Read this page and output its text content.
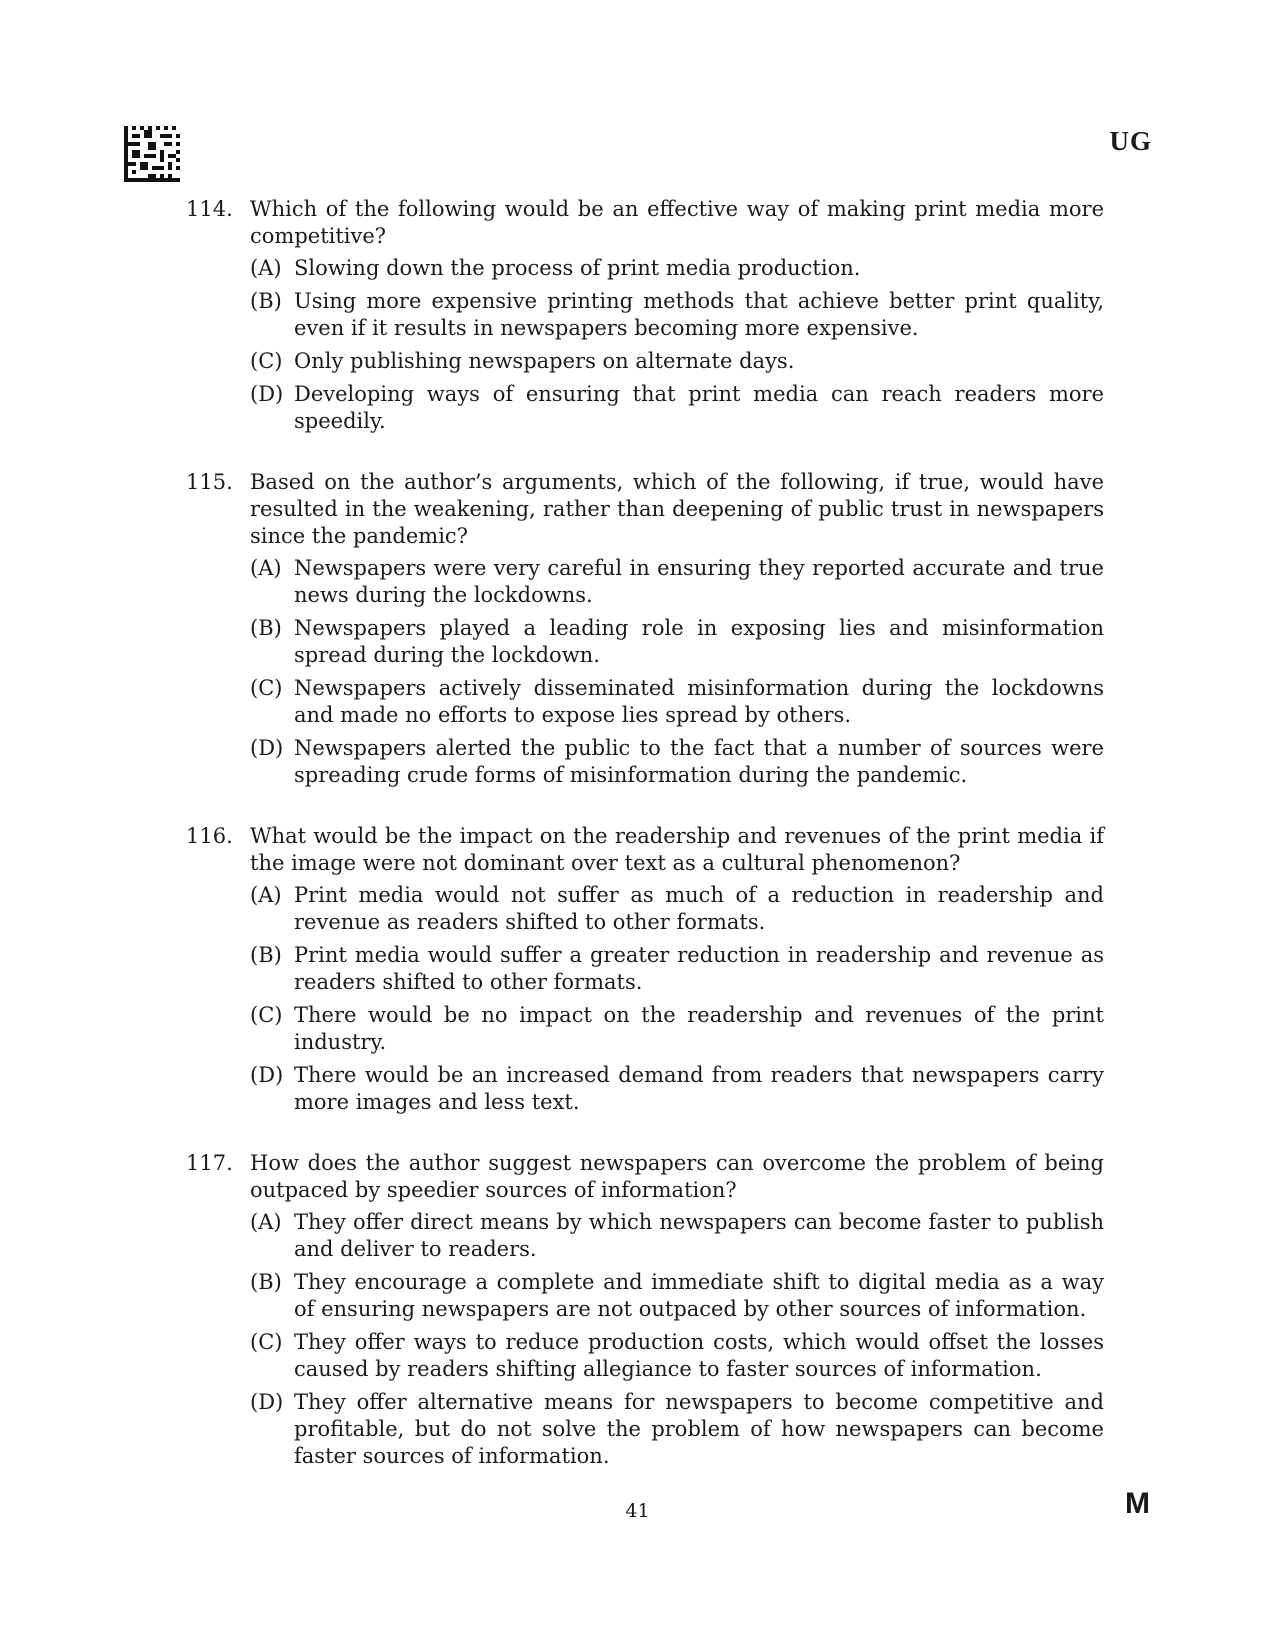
UG
114. Which of the following would be an effective way of making print media more competitive?
(A) Slowing down the process of print media production.
(B) Using more expensive printing methods that achieve better print quality, even if it results in newspapers becoming more expensive.
(C) Only publishing newspapers on alternate days.
(D) Developing ways of ensuring that print media can reach readers more speedily.
115. Based on the author’s arguments, which of the following, if true, would have resulted in the weakening, rather than deepening of public trust in newspapers since the pandemic?
(A) Newspapers were very careful in ensuring they reported accurate and true news during the lockdowns.
(B) Newspapers played a leading role in exposing lies and misinformation spread during the lockdown.
(C) Newspapers actively disseminated misinformation during the lockdowns and made no efforts to expose lies spread by others.
(D) Newspapers alerted the public to the fact that a number of sources were spreading crude forms of misinformation during the pandemic.
116. What would be the impact on the readership and revenues of the print media if the image were not dominant over text as a cultural phenomenon?
(A) Print media would not suffer as much of a reduction in readership and revenue as readers shifted to other formats.
(B) Print media would suffer a greater reduction in readership and revenue as readers shifted to other formats.
(C) There would be no impact on the readership and revenues of the print industry.
(D) There would be an increased demand from readers that newspapers carry more images and less text.
117. How does the author suggest newspapers can overcome the problem of being outpaced by speedier sources of information?
(A) They offer direct means by which newspapers can become faster to publish and deliver to readers.
(B) They encourage a complete and immediate shift to digital media as a way of ensuring newspapers are not outpaced by other sources of information.
(C) They offer ways to reduce production costs, which would offset the losses caused by readers shifting allegiance to faster sources of information.
(D) They offer alternative means for newspapers to become competitive and profitable, but do not solve the problem of how newspapers can become faster sources of information.
41	M
